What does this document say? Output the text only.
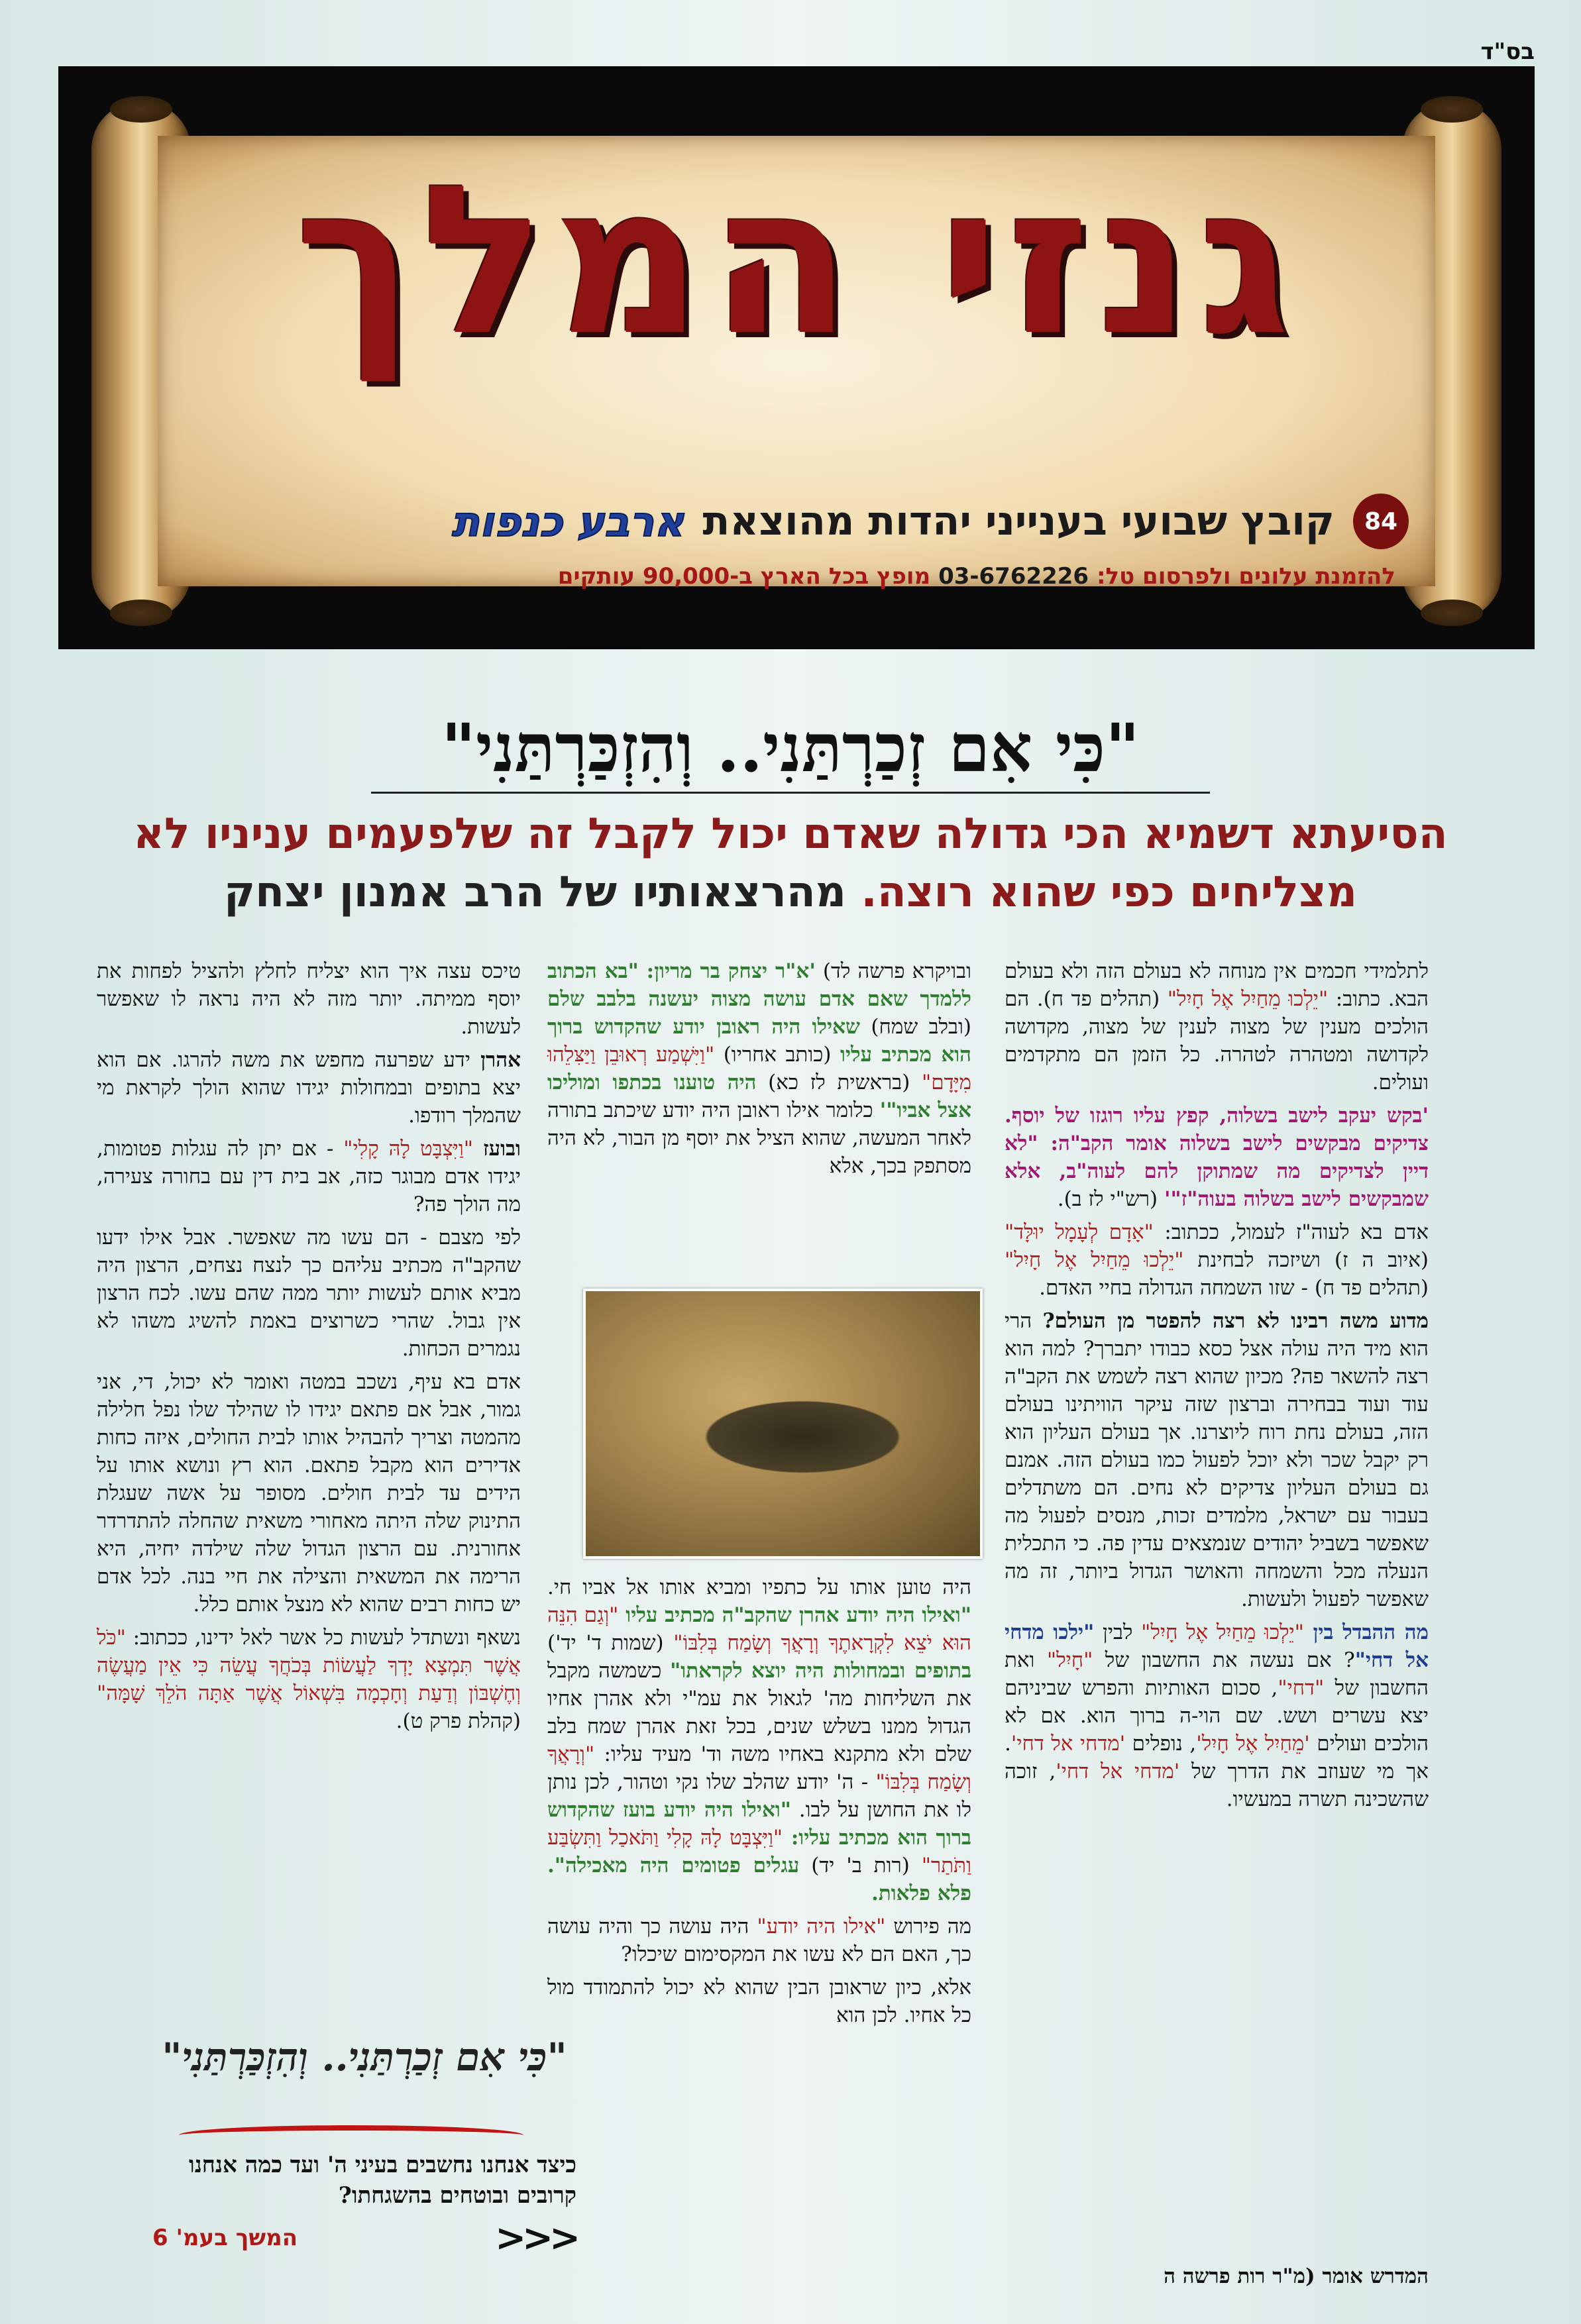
בס"ד
גנזי המלך
84
קובץ שבועי בענייני יהדות מהוצאת
ארבע כנפות
להזמנת עלונים ולפרסום טל: 03-6762226 מופץ בכל הארץ ב-90,000 עותקים
"כִּי אִם זְכַרְתַּנִי.. וְהִזְכַּרְתַּנִי"
הסיעתא דשמיא הכי גדולה שאדם יכול לקבל זה שלפעמים עניניו לא מצליחים כפי שהוא רוצה. מהרצאותיו של הרב אמנון יצחק

לתלמידי חכמים אין מנוחה לא בעולם הזה ולא בעולם הבא. כתוב: "יֵלְכוּ מֵחַיִל אֶל חָיִל" (תהלים פד ח). הם הולכים מענין של מצוה לענין של מצוה, מקדושה לקדושה ומטהרה לטהרה. כל הזמן הם מתקדמים ועולים.

'בקש יעקב לישב בשלוה, קפץ עליו רוגזו של יוסף. צדיקים מבקשים לישב בשלוה אומר הקב"ה: "לא דיין לצדיקים מה שמתוקן להם לעוה"ב, אלא שמבקשים לישב בשלוה בעוה"ז"' (רש"י לז ב).

אדם בא לעוה"ז לעמול, ככתוב: "אָדָם לְעָמָל יוּלָּד" (איוב ה ז) ושיזכה לבחינת "יֵלְכוּ מֵחַיִל אֶל חָיִל" (תהלים פד ח) - שזו השמחה הגדולה בחיי האדם.

מדוע משה רבינו לא רצה להפטר מן העולם? הרי הוא מיד היה עולה אצל כסא כבודו יתברך? למה הוא רצה להשאר פה? מכיון שהוא רצה לשמש את הקב"ה עוד ועוד בבחירה וברצון שזה עיקר הוויתינו בעולם הזה, בעולם נחת רוח ליוצרנו. אך בעולם העליון הוא רק יקבל שכר ולא יוכל לפעול כמו בעולם הזה. אמנם גם בעולם העליון צדיקים לא נחים. הם משתדלים בעבור עם ישראל, מלמדים זכות, מנסים לפעול מה שאפשר בשביל יהודים שנמצאים עדין פה. כי התכלית הנעלה מכל והשמחה והאושר הגדול ביותר, זה מה שאפשר לפעול ולעשות.

מה ההבדל בין "יֵלְכוּ מֵחַיִל אֶל חָיִל" לבין "ילכו מדחי אל דחי"? אם נעשה את החשבון של "חָיִל" ואת החשבון של "דחי", סכום האותיות והפרש שביניהם יצא עשרים ושש. שם הוי-ה ברוך הוא. אם לא הולכים ועולים 'מֵחַיִל אֶל חָיִל', נופלים 'מדחי אל דחי'. אך מי שעוזב את הדרך של 'מדחי אל דחי', זוכה שהשכינה תשרה במעשיו.

המדרש אומר (מ"ר רות פרשה ה

ובויקרא פרשה לד) 'א"ר יצחק בר מריון: "בא הכתוב ללמדך שאם אדם עושה מצוה יעשנה בלבב שלם (ובלב שמח) שאילו היה ראובן יודע שהקדוש ברוך הוא מכתיב עליו (כותב אחריו) "וַיִּשְׁמַע רְאוּבֵן וַיַּצִּלֵהוּ מִיָּדָם" (בראשית לז כא) היה טוענו בכתפו ומוליכו אצל אביו"' כלומר אילו ראובן היה יודע שיכתב בתורה לאחר המעשה, שהוא הציל את יוסף מן הבור, לא היה מסתפק בכך, אלא

היה טוען אותו על כתפיו ומביא אותו אל אביו חי. "ואילו היה יודע אהרן שהקב"ה מכתיב עליו "וְגַם הִנֵּה הוּא יֹצֵא לִקְרָאתֶךָ וְרָאֲךָ וְשָׂמַח בְּלִבּוֹ" (שמות ד' יד') בתופים ובמחולות היה יוצא לקראתו" כשמשה מקבל את השליחות מה' לגאול את עמ"י ולא אהרן אחיו הגדול ממנו בשלש שנים, בכל זאת אהרן שמח בלב שלם ולא מתקנא באחיו משה וד' מעיד עליו: "וְרָאֲךָ וְשָׂמַח בְּלִבּוֹ" - ה' יודע שהלב שלו נקי וטהור, לכן נותן לו את החושן על לבו. "ואילו היה יודע בועז שהקדוש ברוך הוא מכתיב עליו: "וַיִּצְבָּט לָהּ קָלִי וַתֹּאכַל וַתִּשְׂבַּע וַתֹּתַר" (רות ב' יד) עגלים פטומים היה מאכילה". פלא פלאות.

מה פירוש "אילו היה יודע" היה עושה כך והיה עושה כך, האם הם לא עשו את המקסימום שיכלו?

אלא, כיון שראובן הבין שהוא לא יכול להתמודד מול כל אחיו. לכן הוא

טיכס עצה איך הוא יצליח לחלץ ולהציל לפחות את יוסף ממיתה. יותר מזה לא היה נראה לו שאפשר לעשות.

אהרן ידע שפרעה מחפש את משה להרגו. אם הוא יצא בתופים ובמחולות יגידו שהוא הולך לקראת מי שהמלך רודפו.

ובועז "וַיִּצְבָּט לָהּ קָלִי" - אם יתן לה עגלות פטומות, יגידו אדם מבוגר כזה, אב בית דין עם בחורה צעירה, מה הולך פה?

לפי מצבם - הם עשו מה שאפשר. אבל אילו ידעו שהקב"ה מכתיב עליהם כך לנצח נצחים, הרצון היה מביא אותם לעשות יותר ממה שהם עשו. לכח הרצון אין גבול. שהרי כשרוצים באמת להשיג משהו לא נגמרים הכחות.

אדם בא עיף, נשכב במטה ואומר לא יכול, די, אני גמור, אבל אם פתאם יגידו לו שהילד שלו נפל חלילה מהמטה וצריך להבהיל אותו לבית החולים, איזה כחות אדירים הוא מקבל פתאם. הוא רץ ונושא אותו על הידים עד לבית חולים. מסופר על אשה שעגלת התינוק שלה היתה מאחורי משאית שהחלה להתדרדר אחורנית. עם הרצון הגדול שלה שילדה יחיה, היא הרימה את המשאית והצילה את חיי בנה. לכל אדם יש כחות רבים שהוא לא מנצל אותם כלל.

נשאף ונשתדל לעשות כל אשר לאל ידינו, ככתוב: "כֹּל אֲשֶׁר תִּמְצָא יָדְךָ לַעֲשׂוֹת בְּכֹחֲךָ עֲשֵׂה כִּי אֵין מַעֲשֶׂה וְחֶשְׁבּוֹן וְדַעַת וְחָכְמָה בִּשְׁאוֹל אֲשֶׁר אַתָּה הֹלֵךְ שָׁמָּה" (קהלת פרק ט).

"כִּי אִם זְכַרְתַּנִי.. וְהִזְכַּרְתַּנִי"
כיצד אנחנו נחשבים בעיני ה' ועד כמה אנחנו קרובים ובוטחים בהשגחתו?
<<<
המשך בעמ' 6
